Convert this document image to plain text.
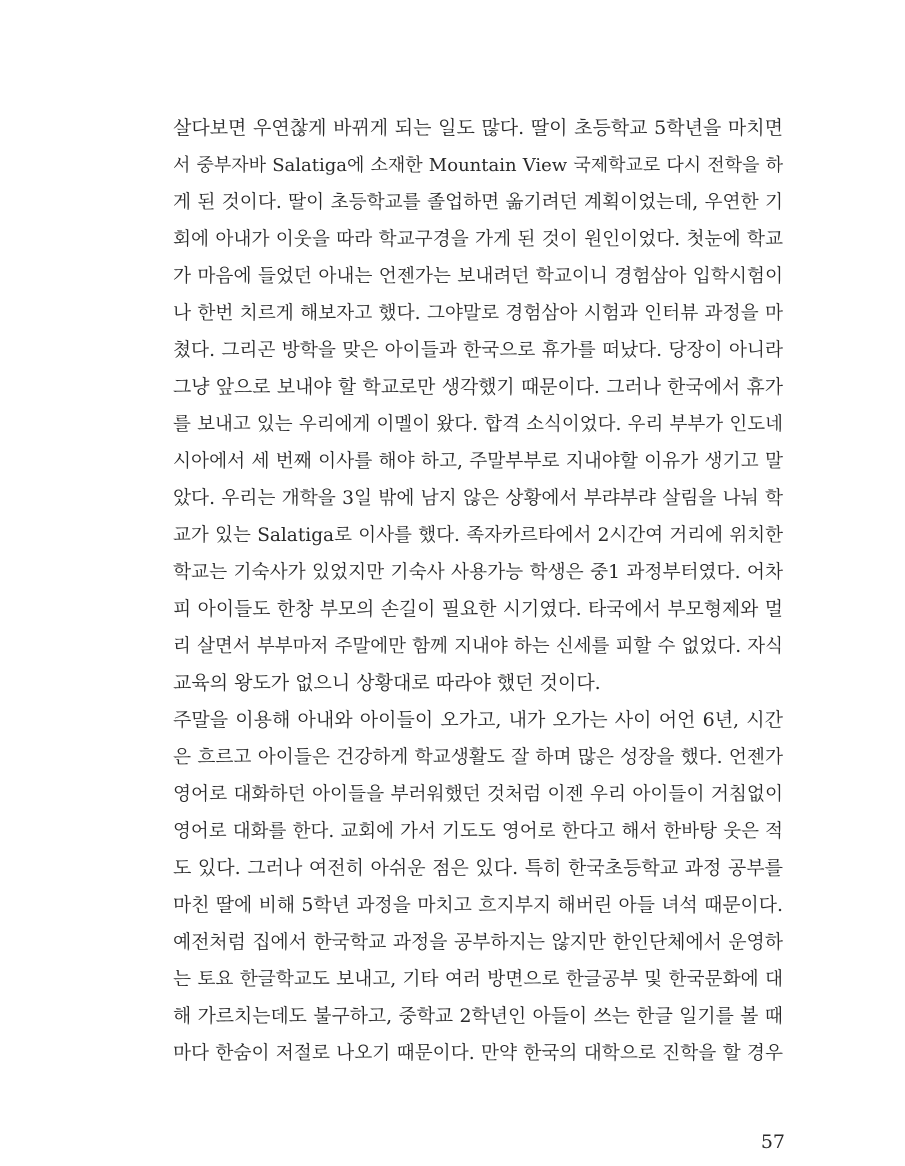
살다보면 우연찮게 바뀌게 되는 일도 많다. 딸이 초등학교 5학년을 마치면
서 중부자바 Salatiga에 소재한 Mountain View 국제학교로 다시 전학을 하
게 된 것이다. 딸이 초등학교를 졸업하면 옮기려던 계획이었는데, 우연한 기
회에 아내가 이웃을 따라 학교구경을 가게 된 것이 원인이었다. 첫눈에 학교
가 마음에 들었던 아내는 언젠가는 보내려던 학교이니 경험삼아 입학시험이
나 한번 치르게 해보자고 했다. 그야말로 경험삼아 시험과 인터뷰 과정을 마
쳤다. 그리곤 방학을 맞은 아이들과 한국으로 휴가를 떠났다. 당장이 아니라
그냥 앞으로 보내야 할 학교로만 생각했기 때문이다. 그러나 한국에서 휴가
를 보내고 있는 우리에게 이멜이 왔다. 합격 소식이었다. 우리 부부가 인도네
시아에서 세 번째 이사를 해야 하고, 주말부부로 지내야할 이유가 생기고 말
았다. 우리는 개학을 3일 밖에 남지 않은 상황에서 부랴부랴 살림을 나눠 학
교가 있는 Salatiga로 이사를 했다. 족자카르타에서 2시간여 거리에 위치한
학교는 기숙사가 있었지만 기숙사 사용가능 학생은 중1 과정부터였다. 어차
피 아이들도 한창 부모의 손길이 필요한 시기였다. 타국에서 부모형제와 멀
리 살면서 부부마저 주말에만 함께 지내야 하는 신세를 피할 수 없었다. 자식
교육의 왕도가 없으니 상황대로 따라야 했던 것이다.
주말을 이용해 아내와 아이들이 오가고, 내가 오가는 사이 어언 6년, 시간
은 흐르고 아이들은 건강하게 학교생활도 잘 하며 많은 성장을 했다. 언젠가
영어로 대화하던 아이들을 부러워했던 것처럼 이젠 우리 아이들이 거침없이
영어로 대화를 한다. 교회에 가서 기도도 영어로 한다고 해서 한바탕 웃은 적
도 있다. 그러나 여전히 아쉬운 점은 있다. 특히 한국초등학교 과정 공부를
마친 딸에 비해 5학년 과정을 마치고 흐지부지 해버린 아들 녀석 때문이다.
예전처럼 집에서 한국학교 과정을 공부하지는 않지만 한인단체에서 운영하
는 토요 한글학교도 보내고, 기타 여러 방면으로 한글공부 및 한국문화에 대
해 가르치는데도 불구하고, 중학교 2학년인 아들이 쓰는 한글 일기를 볼 때
마다 한숨이 저절로 나오기 때문이다. 만약 한국의 대학으로 진학을 할 경우
57
